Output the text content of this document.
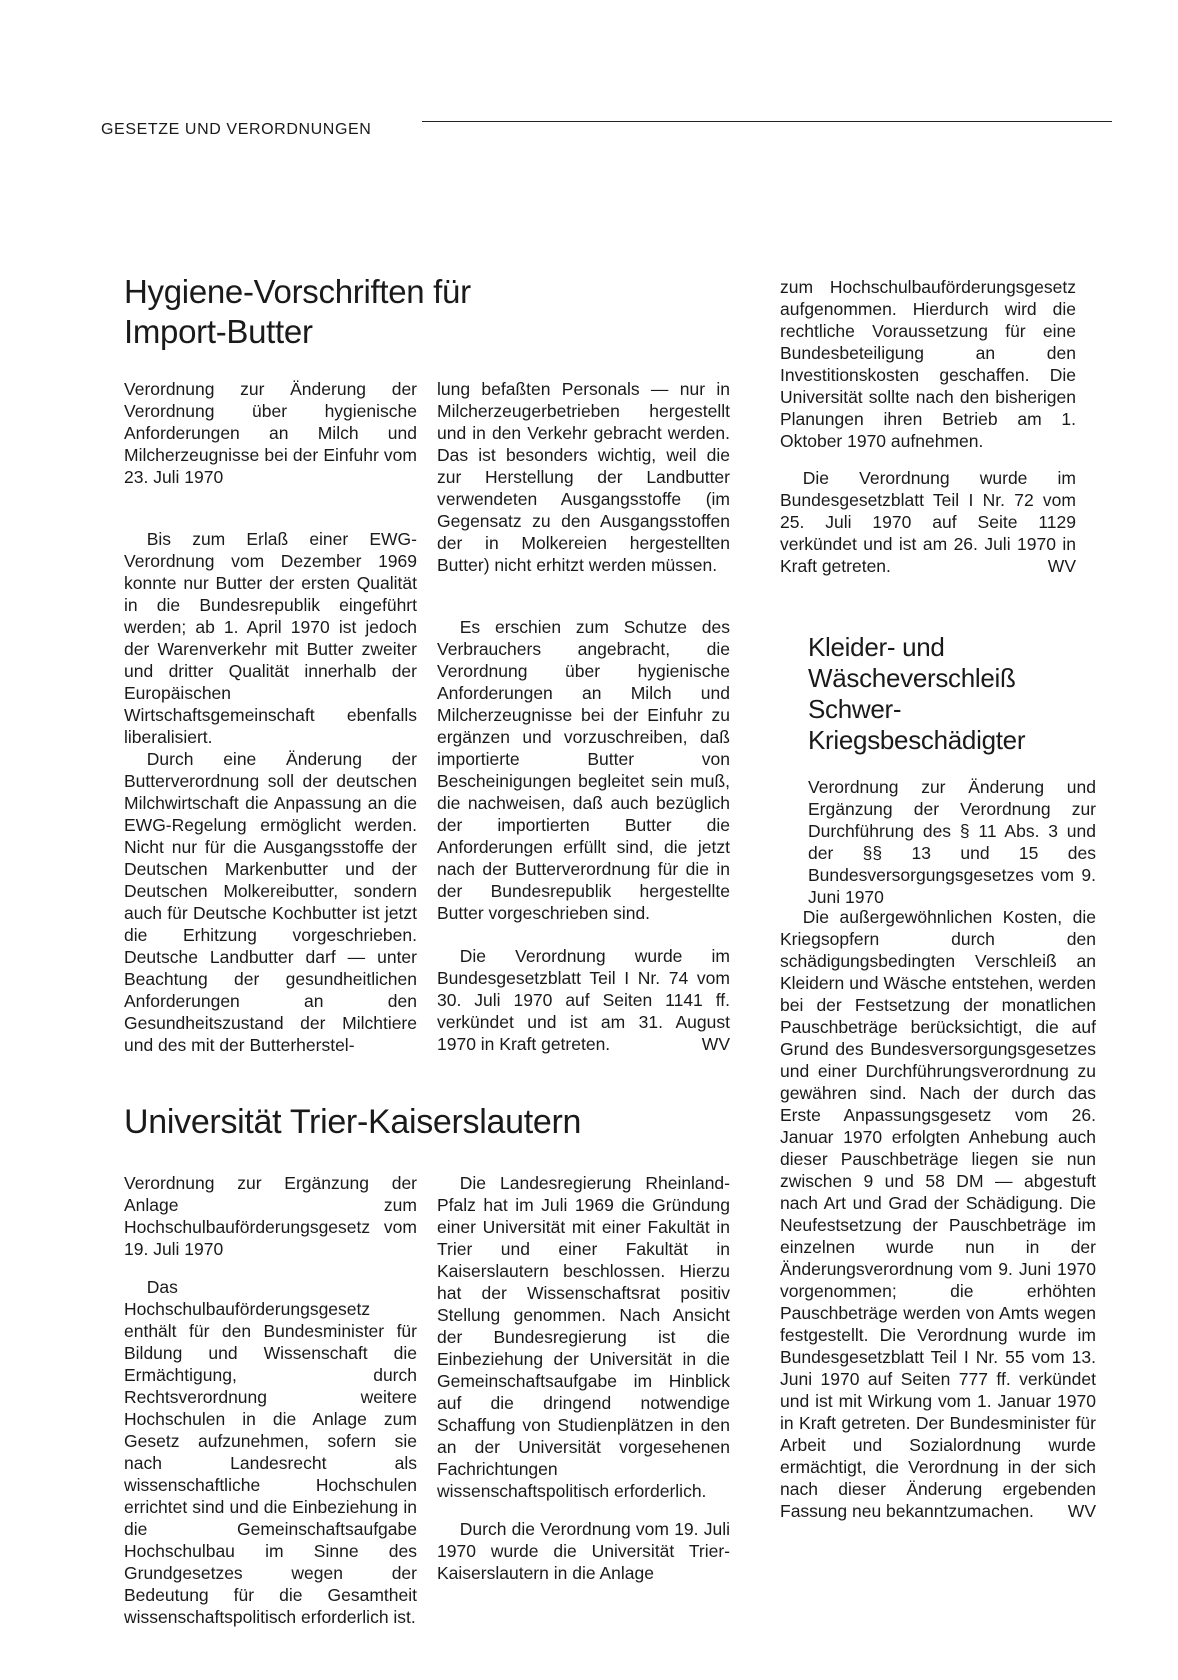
GESETZE UND VERORDNUNGEN
Hygiene-Vorschriften für Import-Butter

Verordnung zur Änderung der Verordnung über hygienische Anforderungen an Milch und Milcherzeugnisse bei der Einfuhr vom 23. Juli 1970

Bis zum Erlaß einer EWG-Verordnung vom Dezember 1969 konnte nur Butter der ersten Qualität in die Bundesrepublik eingeführt werden; ab 1. April 1970 ist jedoch der Warenverkehr mit Butter zweiter und dritter Qualität innerhalb der Europäischen Wirtschaftsgemeinschaft ebenfalls liberalisiert.

Durch eine Änderung der Butterverordnung soll der deutschen Milchwirtschaft die Anpassung an die EWG-Regelung ermöglicht werden. Nicht nur für die Ausgangsstoffe der Deutschen Markenbutter und der Deutschen Molkereibutter, sondern auch für Deutsche Kochbutter ist jetzt die Erhitzung vorgeschrieben. Deutsche Landbutter darf — unter Beachtung der gesundheitlichen Anforderungen an den Gesundheitszustand der Milchtiere und des mit der Butterherstel-

lung befaßten Personals — nur in Milcherzeugerbetrieben hergestellt und in den Verkehr gebracht werden. Das ist besonders wichtig, weil die zur Herstellung der Landbutter verwendeten Ausgangsstoffe (im Gegensatz zu den Ausgangsstoffen der in Molkereien hergestellten Butter) nicht erhitzt werden müssen.

Es erschien zum Schutze des Verbrauchers angebracht, die Verordnung über hygienische Anforderungen an Milch und Milcherzeugnisse bei der Einfuhr zu ergänzen und vorzuschreiben, daß importierte Butter von Bescheinigungen begleitet sein muß, die nachweisen, daß auch bezüglich der importierten Butter die Anforderungen erfüllt sind, die jetzt nach der Butterverordnung für die in der Bundesrepublik hergestellte Butter vorgeschrieben sind.

Die Verordnung wurde im Bundesgesetzblatt Teil I Nr. 74 vom 30. Juli 1970 auf Seiten 1141 ff. verkündet und ist am 31. August 1970 in Kraft getreten.	WV

Universität Trier-Kaiserslautern

Verordnung zur Ergänzung der Anlage zum Hochschulbauförderungsgesetz vom 19. Juli 1970

Das Hochschulbauförderungsgesetz enthält für den Bundesminister für Bildung und Wissenschaft die Ermächtigung, durch Rechtsverordnung weitere Hochschulen in die Anlage zum Gesetz aufzunehmen, sofern sie nach Landesrecht als wissenschaftliche Hochschulen errichtet sind und die Einbeziehung in die Gemeinschaftsaufgabe Hochschulbau im Sinne des Grundgesetzes wegen der Bedeutung für die Gesamtheit wissenschaftspolitisch erforderlich ist.

Die Landesregierung Rheinland-Pfalz hat im Juli 1969 die Gründung einer Universität mit einer Fakultät in Trier und einer Fakultät in Kaiserslautern beschlossen. Hierzu hat der Wissenschaftsrat positiv Stellung genommen. Nach Ansicht der Bundesregierung ist die Einbeziehung der Universität in die Gemeinschaftsaufgabe im Hinblick auf die dringend notwendige Schaffung von Studienplätzen in den an der Universität vorgesehenen Fachrichtungen wissenschaftspolitisch erforderlich.

Durch die Verordnung vom 19. Juli 1970 wurde die Universität Trier-Kaiserslautern in die Anlage

zum Hochschulbauförderungsgesetz aufgenommen. Hierdurch wird die rechtliche Voraussetzung für eine Bundesbeteiligung an den Investitionskosten geschaffen. Die Universität sollte nach den bisherigen Planungen ihren Betrieb am 1. Oktober 1970 aufnehmen.

Die Verordnung wurde im Bundesgesetzblatt Teil I Nr. 72 vom 25. Juli 1970 auf Seite 1129 verkündet und ist am 26. Juli 1970 in Kraft getreten.	WV

Kleider- und Wäscheverschleiß Schwer-Kriegsbeschädigter

Verordnung zur Änderung und Ergänzung der Verordnung zur Durchführung des § 11 Abs. 3 und der §§ 13 und 15 des Bundesversorgungsgesetzes vom 9. Juni 1970

Die außergewöhnlichen Kosten, die Kriegsopfern durch den schädigungsbedingten Verschleiß an Kleidern und Wäsche entstehen, werden bei der Festsetzung der monatlichen Pauschbeträge berücksichtigt, die auf Grund des Bundesversorgungsgesetzes und einer Durchführungsverordnung zu gewähren sind. Nach der durch das Erste Anpassungsgesetz vom 26. Januar 1970 erfolgten Anhebung auch dieser Pauschbeträge liegen sie nun zwischen 9 und 58 DM — abgestuft nach Art und Grad der Schädigung. Die Neufestsetzung der Pauschbeträge im einzelnen wurde nun in der Änderungsverordnung vom 9. Juni 1970 vorgenommen; die erhöhten Pauschbeträge werden von Amts wegen festgestellt. Die Verordnung wurde im Bundesgesetzblatt Teil I Nr. 55 vom 13. Juni 1970 auf Seiten 777 ff. verkündet und ist mit Wirkung vom 1. Januar 1970 in Kraft getreten. Der Bundesminister für Arbeit und Sozialordnung wurde ermächtigt, die Verordnung in der sich nach dieser Änderung ergebenden Fassung neu bekanntzumachen.	WV
